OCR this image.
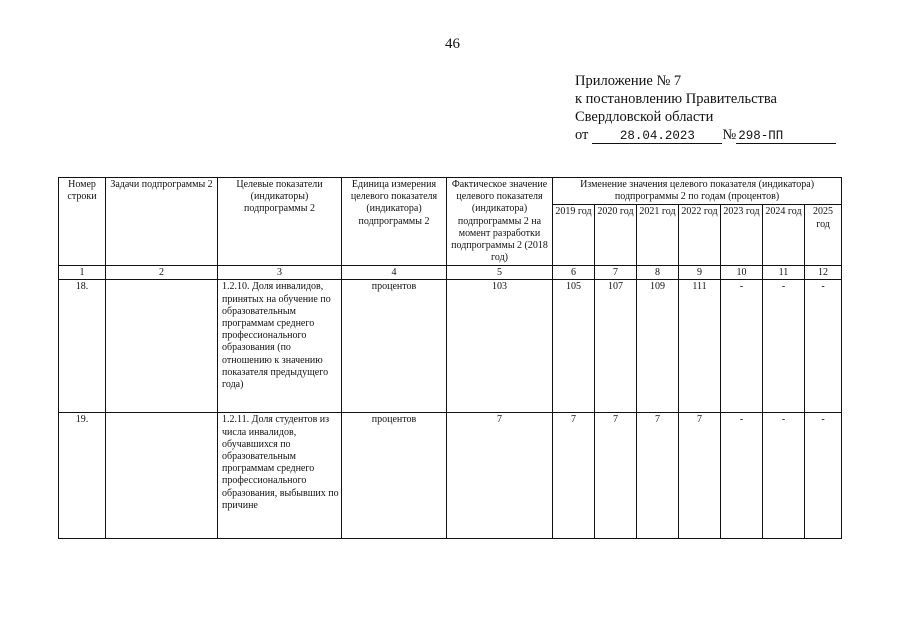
46
Приложение № 7
к постановлению Правительства
Свердловской области
от	28.04.2023 № 298-ПП
Номер строки	Задачи подпрограммы 2	Целевые показатели (индикаторы) подпрограммы 2	Единица измерения целевого показателя (индикатора) подпрограммы 2	Фактическое значение целевого показателя (индикатора) подпрограммы 2 на момент разработки подпрограммы 2 (2018 год)	Изменение значения целевого показателя (индикатора) подпрограммы 2 по годам (процентов)						
					2019 год	2020 год	2021 год	2022 год	2023 год	2024 год	2025 год
1	2	3	4	5	6	7	8	9	10	11	12
18.		1.2.10. Доля инвалидов, принятых на обучение по образовательным программам среднего профессионального образования (по отношению к значению показателя предыдущего года)	процентов	103	105	107	109	111	-	-	-
19.		1.2.11. Доля студентов из числа инвалидов, обучавшихся по образовательным программам среднего профессионального образования, выбывших по причине	процентов	7	7	7	7	7	-	-	-
